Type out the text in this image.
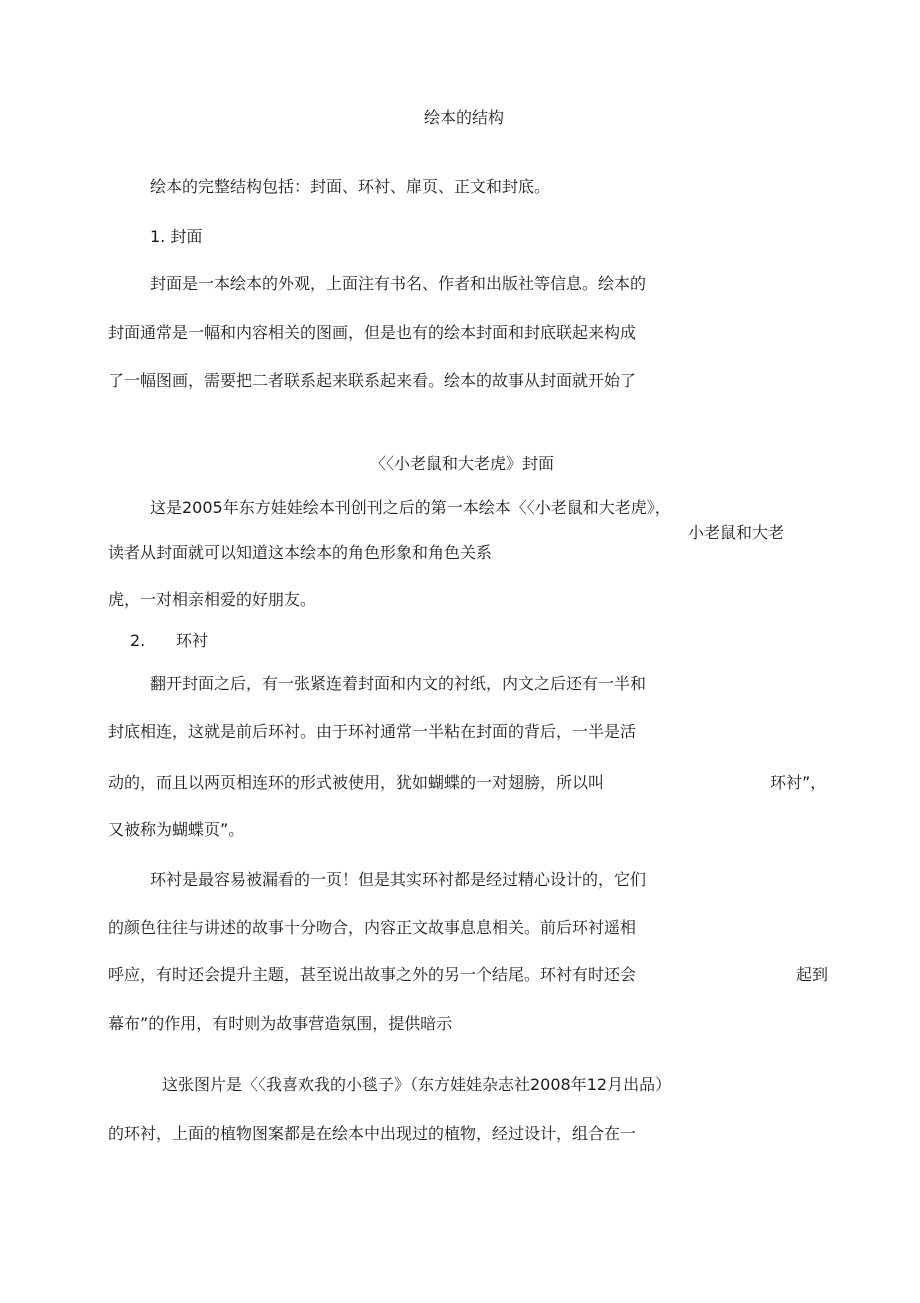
绘本的结构

绘本的完整结构包括：封面、环衬、扉页、正文和封底。

1. 封面

封面是一本绘本的外观，上面注有书名、作者和出版社等信息。绘本的

封面通常是一幅和内容相关的图画，但是也有的绘本封面和封底联起来构成

了一幅图画，需要把二者联系起来联系起来看。绘本的故事从封面就开始了

〈〈小老鼠和大老虎》封面

这是2005年东方娃娃绘本刊创刊之后的第一本绘本〈〈小老鼠和大老虎》，

小老鼠和大老

读者从封面就可以知道这本绘本的角色形象和角色关系

虎，一对相亲相爱的好朋友。

2. 环衬

翻开封面之后，有一张紧连着封面和内文的衬纸，内文之后还有一半和

封底相连，这就是前后环衬。由于环衬通常一半粘在封面的背后，一半是活

动的，而且以两页相连环的形式被使用，犹如蝴蝶的一对翅膀，所以叫	环衬”，

又被称为蝴蝶页”。

环衬是最容易被漏看的一页！但是其实环衬都是经过精心设计的，它们

的颜色往往与讲述的故事十分吻合，内容正文故事息息相关。前后环衬遥相

呼应，有时还会提升主题，甚至说出故事之外的另一个结尾。环衬有时还会	起到

幕布”的作用，有时则为故事营造氛围，提供暗示

这张图片是〈〈我喜欢我的小毯子》（东方娃娃杂志社2008年12月出品）

的环衬，上面的植物图案都是在绘本中出现过的植物，经过设计，组合在一
